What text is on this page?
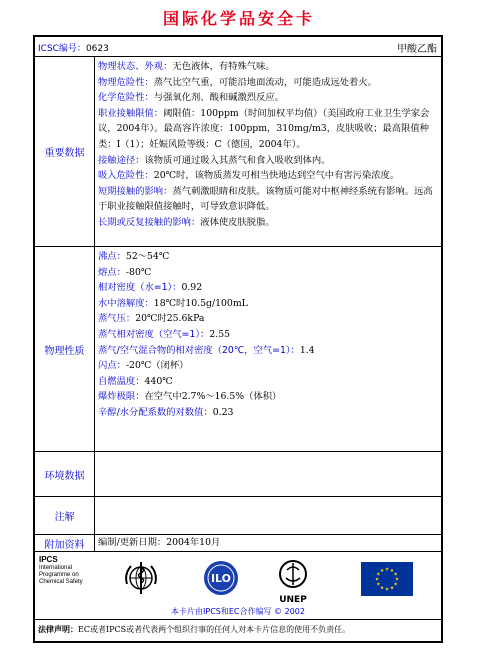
国际化学品安全卡
ICSC编号：0623	甲酸乙酯
重要数据
物理状态、外观：无色液体，有特殊气味。
物理危险性：蒸气比空气重，可能沿地面流动，可能造成远处着火。
化学危险性：与强氧化剂、酸和碱激烈反应。
职业接触限值：阈限值：100ppm（时间加权平均值）（美国政府工业卫生学家会议，2004年）。最高容许浓度：100ppm，310mg/m3，皮肤吸收；最高限值种类：I（1）；妊娠风险等级：C（德国，2004年）。
接触途径：该物质可通过吸入其蒸气和食入吸收到体内。
吸入危险性：20℃时，该物质蒸发可相当快地达到空气中有害污染浓度。
短期接触的影响：蒸气刺激眼睛和皮肤。该物质可能对中枢神经系统有影响。远高于职业接触限值接触时，可导致意识降低。
长期或反复接触的影响：液体使皮肤脱脂。
物理性质
沸点：52～54℃
熔点：-80℃
相对密度（水=1）：0.92
水中溶解度：18℃时10.5g/100mL
蒸气压：20℃时25.6kPa
蒸气相对密度（空气=1）：2.55
蒸气/空气混合物的相对密度（20℃，空气=1）：1.4
闪点：-20℃（闭杯）
自燃温度：440℃
爆炸极限：在空气中2.7%～16.5%（体积）
辛醇/水分配系数的对数值：0.23
环境数据
注解
附加资料	编制/更新日期：2004年10月
IPCS
International
Programme on
Chemical Safety	ILO
UNEP
本卡片由IPCS和EC合作编写 © 2002
法律声明：EC或者IPCS或者代表两个组织行事的任何人对本卡片信息的使用不负责任。
